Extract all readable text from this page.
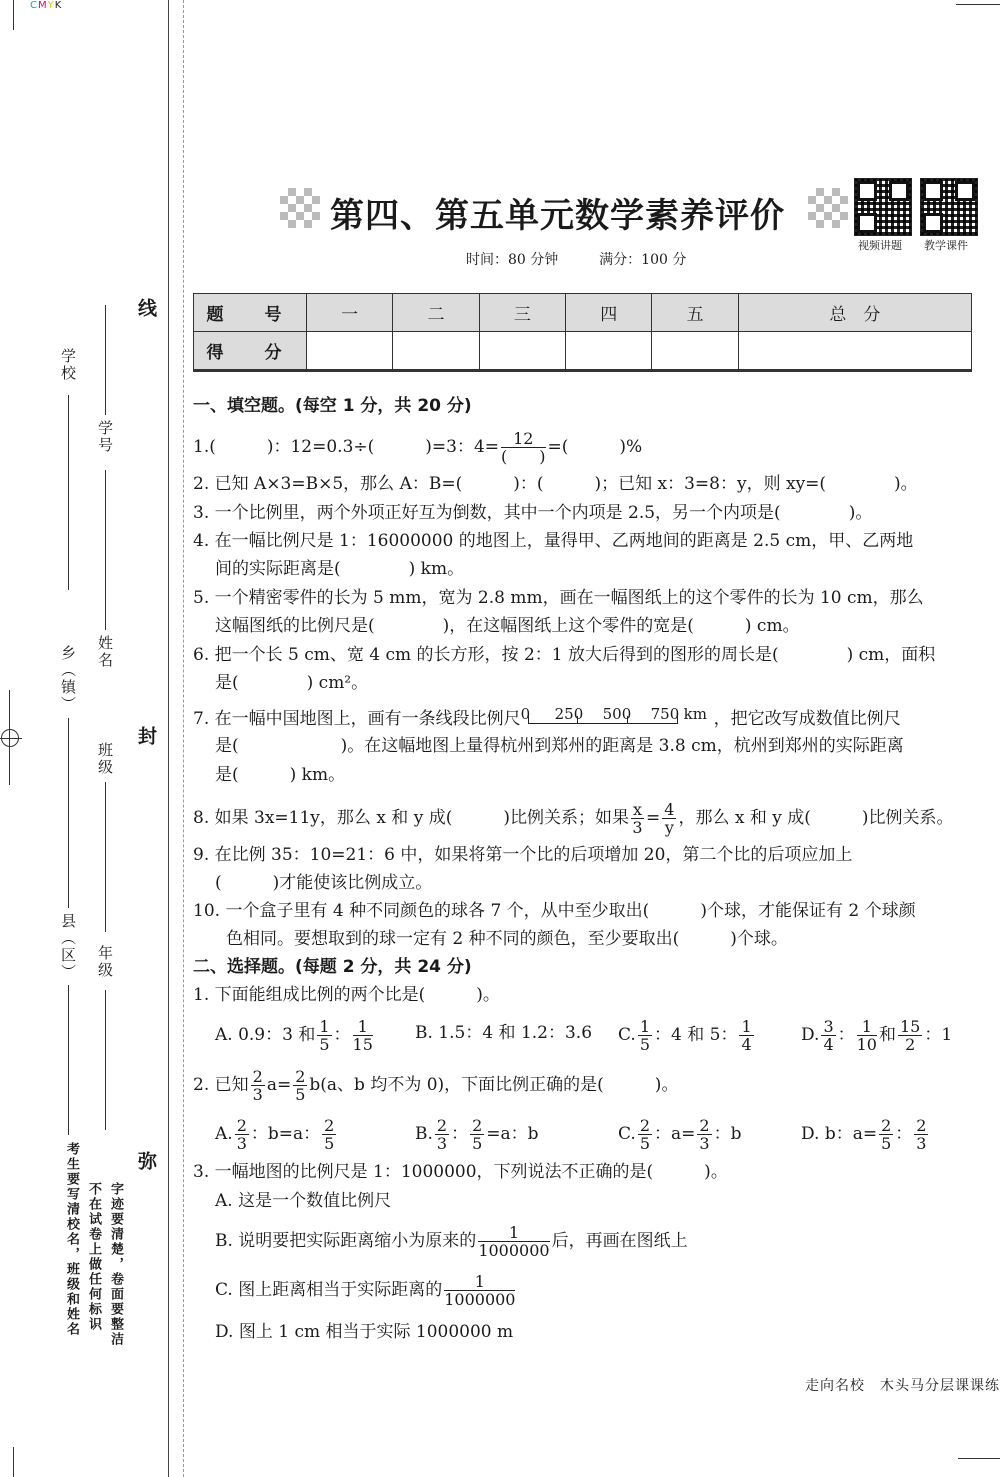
CMYK
线
封
弥
学校
学号
乡（镇） 姓名
班级
县（区） 年级
考生要写清校名，班级和姓名 不在试卷上做任何标识 字迹要清楚，卷面要整洁
第四、第五单元数学素养评价
视频讲题 教学课件
时间：80 分钟	满分：100 分
题　号	一	二	三	四	五	总　分
得　分						
一、填空题。(每空 1 分，共 20 分)
1.(　　　)：12=0.3÷(　　　)=3：$4= \frac{12}{( )}$ =(　　　)%
2. 已知 A×3=B×5，那么 A：B=(　　　)：(　　　)；已知 x：3=8：y，则 xy=(　　　　)。
3. 一个比例里，两个外项正好互为倒数，其中一个内项是 2.5，另一个内项是(　　　　)。
4. 在一幅比例尺是 1：16000000 的地图上，量得甲、乙两地间的距离是 2.5 cm，甲、乙两地
间的实际距离是(　　　　) km。
5. 一个精密零件的长为 5 mm，宽为 2.8 mm，画在一幅图纸上的这个零件的长为 10 cm，那么
这幅图纸的比例尺是(　　　　)，在这幅图纸上这个零件的宽是(　　　) cm。
6. 把一个长 5 cm、宽 4 cm 的长方形，按 2：1 放大后得到的图形的周长是(　　　　) cm，面积
是(　　　　) cm²。
7. 在一幅中国地图上，画有一条线段比例尺 0 250 500 750 km ，把它改写成数值比例尺
是(　　　　　　)。在这幅地图上量得杭州到郑州的距离是 3.8 cm，杭州到郑州的实际距离
是(　　　) km。
8. 如果 3x=11y，那么 x 和 y 成(　　　)比例关系；如果 $\frac{x}{3} = \frac{4}{y}$ ，那么 x 和 y 成(　　　)比例关系。
9. 在比例 35：10=21：6 中，如果将第一个比的后项增加 20，第二个比的后项应加上
(　　　)才能使该比例成立。
10. 一个盒子里有 4 种不同颜色的球各 7 个，从中至少取出(　　　)个球，才能保证有 2 个球颜
色相同。要想取到的球一定有 2 种不同的颜色，至少要取出(　　　)个球。
二、选择题。(每题 2 分，共 24 分)
1. 下面能组成比例的两个比是(　　　)。
A. 0.9：3 和 $\frac{1}{5}$ ： $\frac{1}{15} B$. 1.5：4 和 1.2：3.6 C. $\frac{1}{5}$ ：4 和 5： $\frac{1}{4}$	D. $\frac{3}{4}$ ： $\frac{1}{10}$ 和 $\frac{15}{2}$ ：1
2. 已知 $\frac{2}{3} a= \frac{2}{5} b(a$、b 均不为 0)，下面比例正确的是(　　　)。
A. $\frac{2}{3}$ ：b=a： $\frac{2}{5}$	B. $\frac{2}{3}$ ： $\frac{2}{5} =a$：b	C. $\frac{2}{5}$ ：$a= \frac{2}{3}$ ：b	D. b：$a= \frac{2}{5}$ ： $\frac{2}{3}$
3. 一幅地图的比例尺是 1：1000000，下列说法不正确的是(　　　)。
A. 这是一个数值比例尺
B. 说明要把实际距离缩小为原来的 $\frac{1}{1000000}$ 后，再画在图纸上
C. 图上距离相当于实际距离的 $\frac{1}{1000000}$
D. 图上 1 cm 相当于实际 1000000 m
走向名校　木头马分层课课练
